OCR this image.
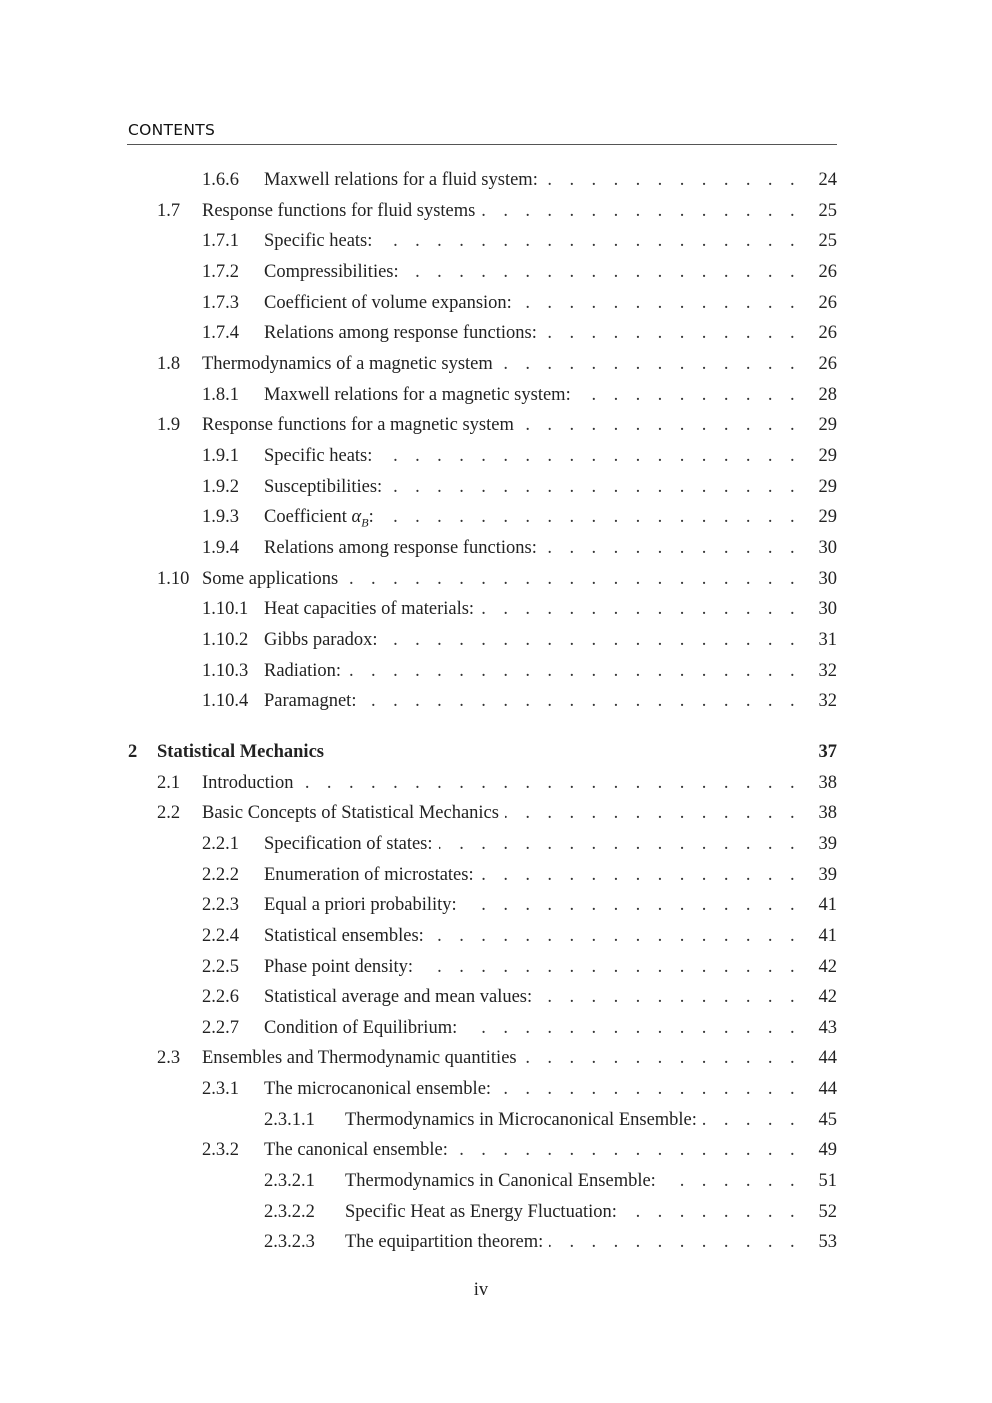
CONTENTS
1.6.6 Maxwell relations for a fluid system: . . .	24
1.7 Response functions for fluid systems . . .	25
1.7.1 Specific heats: . . .	25
1.7.2 Compressibilities: . . .	26
1.7.3 Coefficient of volume expansion: . . .	26
1.7.4 Relations among response functions: . . .	26
1.8 Thermodynamics of a magnetic system . . .	26
1.8.1 Maxwell relations for a magnetic system: . . .	28
1.9 Response functions for a magnetic system . . .	29
1.9.1 Specific heats: . . .	29
1.9.2 Susceptibilities: . . .	29
1.9.3 Coefficient $\alpha_B$: . . .	29
1.9.4 Relations among response functions: . . .	30
1.10 Some applications . . .	30
1.10.1 Heat capacities of materials: . . .	30
1.10.2 Gibbs paradox: . . .	31
1.10.3 Radiation: . . .	32
1.10.4 Paramagnet: . . .	32
2 Statistical Mechanics	37
2.1 Introduction . . .	38
2.2 Basic Concepts of Statistical Mechanics . . .	38
2.2.1 Specification of states: . . .	39
2.2.2 Enumeration of microstates: . . .	39
2.2.3 Equal a priori probability: . . .	41
2.2.4 Statistical ensembles: . . .	41
2.2.5 Phase point density: . . .	42
2.2.6 Statistical average and mean values: . . .	42
2.2.7 Condition of Equilibrium: . . .	43
2.3 Ensembles and Thermodynamic quantities . . .	44
2.3.1 The microcanonical ensemble: . . .	44
2.3.1.1 Thermodynamics in Microcanonical Ensemble: . . .	45
2.3.2 The canonical ensemble: . . .	49
2.3.2.1 Thermodynamics in Canonical Ensemble: . . .	51
2.3.2.2 Specific Heat as Energy Fluctuation: . . .	52
2.3.2.3 The equipartition theorem: . . .	53
iv
